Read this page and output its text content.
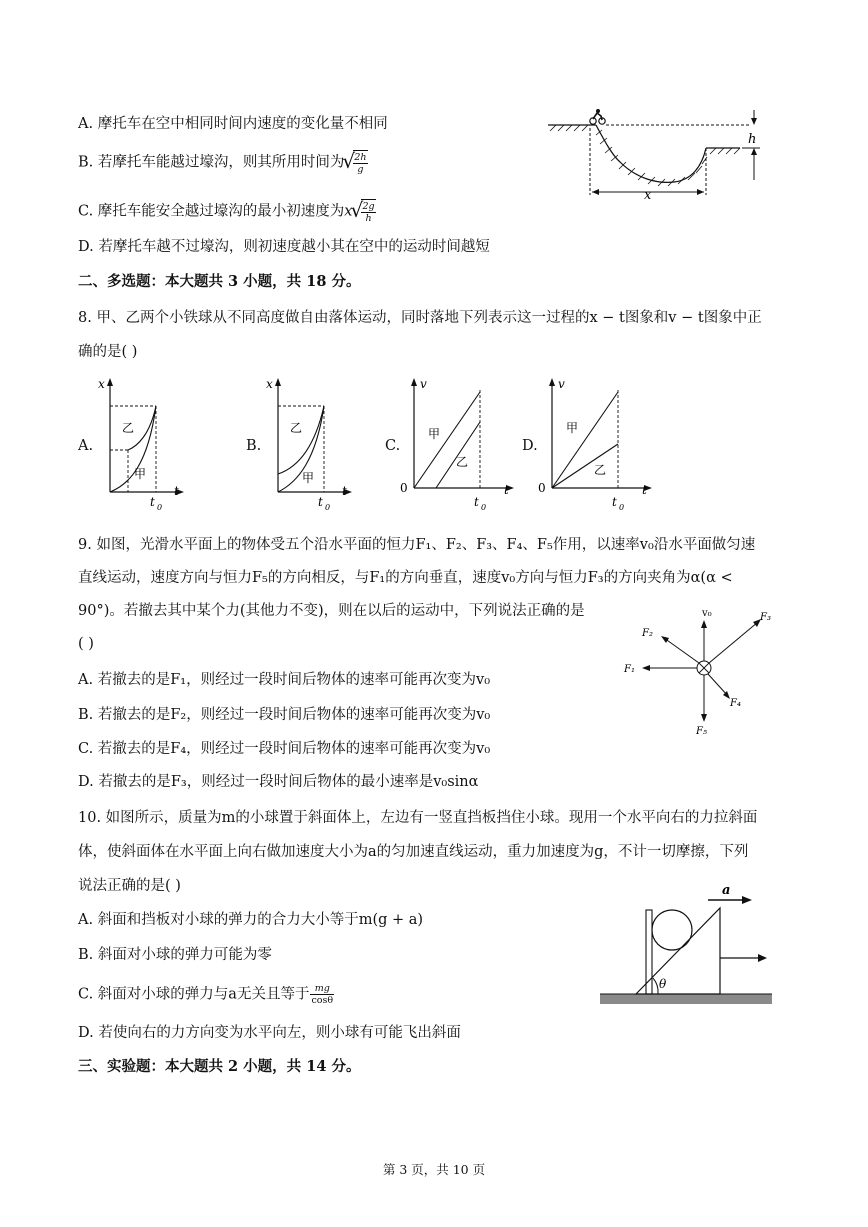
A. 摩托车在空中相同时间内速度的变化量不相同
B. 若摩托车能越过壕沟，则其所用时间为 √ $\frac{2h}{g}$
C. 摩托车能安全越过壕沟的最小初速度为x √ $\frac{2g}{h}$
D. 若摩托车越不过壕沟，则初速度越小其在空中的运动时间越短
x
h
二、多选题：本大题共 3 小题，共 18 分。
8. 甲、乙两个小铁球从不同高度做自由落体运动，同时落地下列表示这一过程的x − t图象和v − t图象中正
确的是( )
A.	B.	C.	D.
x
t
t 0
乙
甲
x
t
t 0
乙
甲
v
t
0
t 0
甲
乙
v
t
0
t 0
甲
乙
9. 如图，光滑水平面上的物体受五个沿水平面的恒力F₁、F₂、F₃、F₄、F₅作用，以速率v₀沿水平面做匀速
直线运动，速度方向与恒力F₅的方向相反，与F₁的方向垂直，速度v₀方向与恒力F₃的方向夹角为α(α <
90°)。若撤去其中某个力(其他力不变)，则在以后的运动中，下列说法正确的是
( )
A. 若撤去的是F₁，则经过一段时间后物体的速率可能再次变为v₀
B. 若撤去的是F₂，则经过一段时间后物体的速率可能再次变为v₀
C. 若撤去的是F₄，则经过一段时间后物体的速率可能再次变为v₀
D. 若撤去的是F₃，则经过一段时间后物体的最小速率是v₀sinα
v₀
F₁
F₂
F₃
F₄
F₅
10. 如图所示，质量为m的小球置于斜面体上，左边有一竖直挡板挡住小球。现用一个水平向右的力拉斜面
体，使斜面体在水平面上向右做加速度大小为a的匀加速直线运动，重力加速度为g，不计一切摩擦，下列
说法正确的是( )
A. 斜面和挡板对小球的弹力的合力大小等于m(g + a)
B. 斜面对小球的弹力可能为零
C. 斜面对小球的弹力与a无关且等于 $\frac{mg}{\cos\theta}$
D. 若使向右的力方向变为水平向左，则小球有可能飞出斜面
θ
a
三、实验题：本大题共 2 小题，共 14 分。
第 3 页，共 10 页
